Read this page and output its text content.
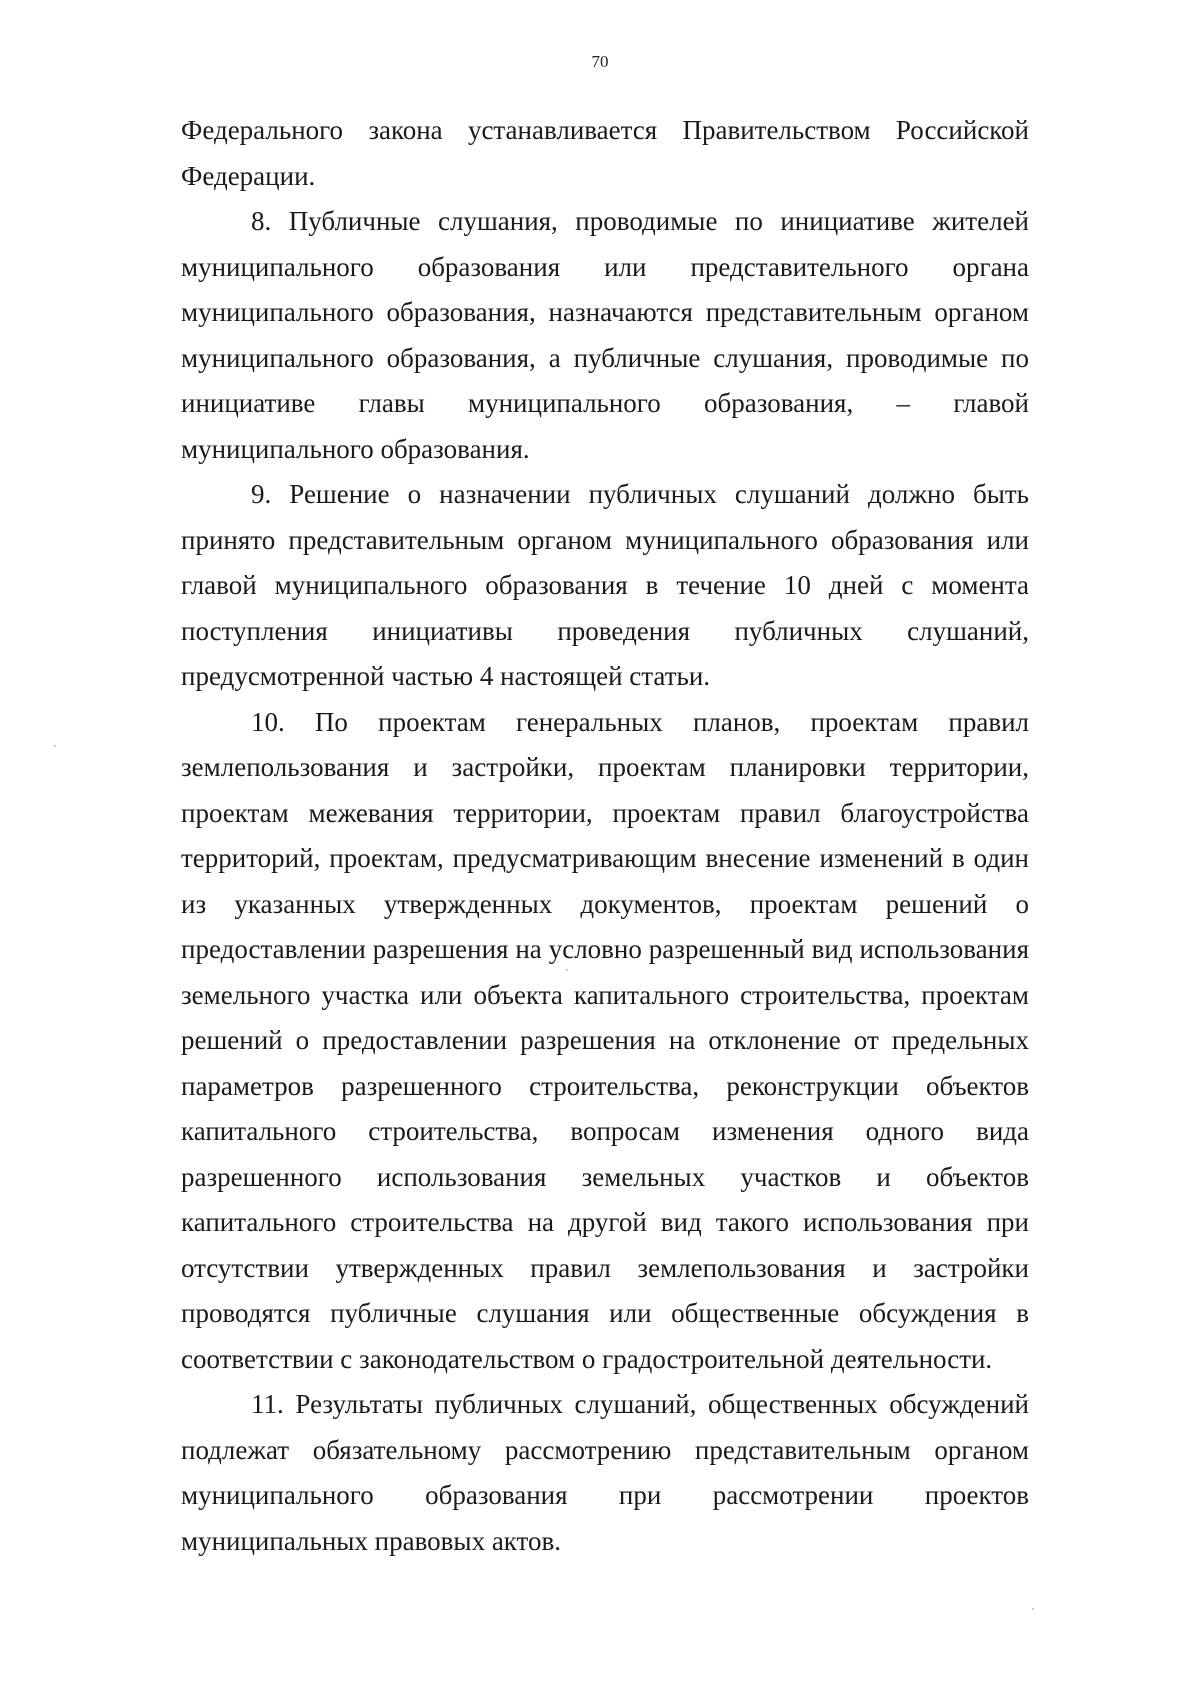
70

Федерального закона устанавливается Правительством Российской Федерации.

8. Публичные слушания, проводимые по инициативе жителей муниципального образования или представительного органа муниципального образования, назначаются представительным органом муниципального образования, а публичные слушания, проводимые по инициативе главы муниципального образования, – главой муниципального образования.

9. Решение о назначении публичных слушаний должно быть принято представительным органом муниципального образования или главой муниципального образования в течение 10 дней с момента поступления инициативы проведения публичных слушаний, предусмотренной частью 4 настоящей статьи.

10. По проектам генеральных планов, проектам правил землепользования и застройки, проектам планировки территории, проектам межевания территории, проектам правил благоустройства территорий, проектам, предусматривающим внесение изменений в один из указанных утвержденных документов, проектам решений о предоставлении разрешения на условно разрешенный вид использования земельного участка или объекта капитального строительства, проектам решений о предоставлении разрешения на отклонение от предельных параметров разрешенного строительства, реконструкции объектов капитального строительства, вопросам изменения одного вида разрешенного использования земельных участков и объектов капитального строительства на другой вид такого использования при отсутствии утвержденных правил землепользования и застройки проводятся публичные слушания или общественные обсуждения в соответствии с законодательством о градостроительной деятельности.

11. Результаты публичных слушаний, общественных обсуждений подлежат обязательному рассмотрению представительным органом муниципального образования при рассмотрении проектов муниципальных правовых актов.
